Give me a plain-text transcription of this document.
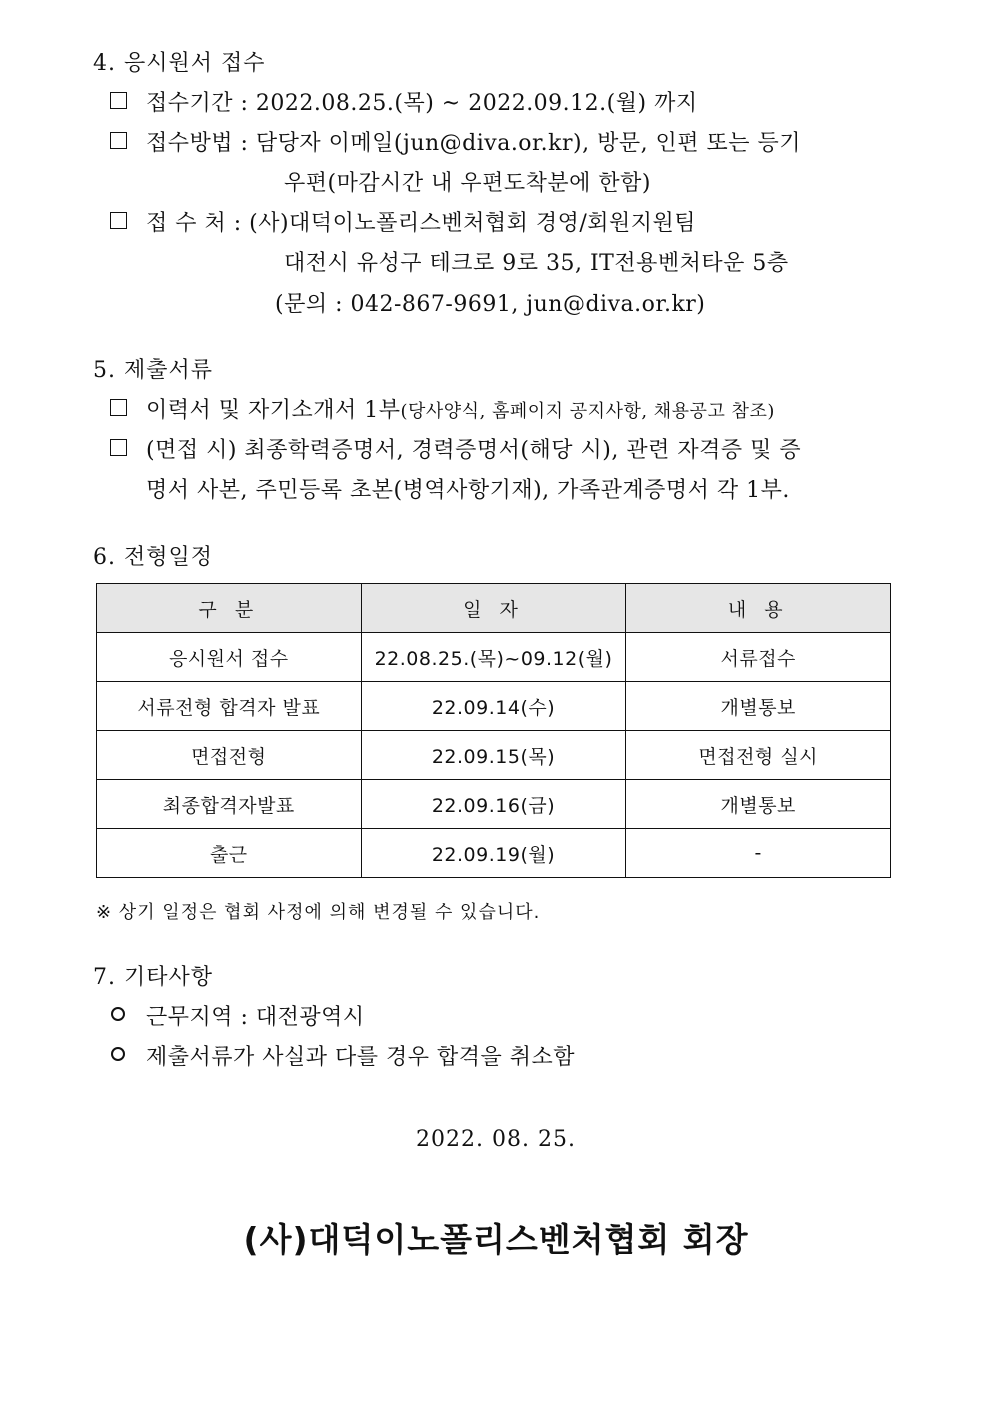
4. 응시원서 접수
접수기간 : 2022.08.25.(목) ~ 2022.09.12.(월) 까지
접수방법 : 담당자 이메일(jun@diva.or.kr), 방문, 인편 또는 등기
우편(마감시간 내 우편도착분에 한함)
접 수 처 : (사)대덕이노폴리스벤처협회 경영/회원지원팀
대전시 유성구 테크로 9로 35, IT전용벤처타운 5층
(문의 : 042-867-9691, jun@diva.or.kr)
5. 제출서류
이력서 및 자기소개서 1부(당사양식, 홈페이지 공지사항, 채용공고 참조)
(면접 시) 최종학력증명서, 경력증명서(해당 시), 관련 자격증 및 증
명서 사본, 주민등록 초본(병역사항기재), 가족관계증명서 각 1부.
6. 전형일정
구 분	일 자	내 용
응시원서 접수	22.08.25.(목)~09.12(월)	서류접수
서류전형 합격자 발표	22.09.14(수)	개별통보
면접전형	22.09.15(목)	면접전형 실시
최종합격자발표	22.09.16(금)	개별통보
출근	22.09.19(월)	-
※ 상기 일정은 협회 사정에 의해 변경될 수 있습니다.
7. 기타사항
근무지역 : 대전광역시
제출서류가 사실과 다를 경우 합격을 취소함
2022. 08. 25.
(사)대덕이노폴리스벤처협회 회장
